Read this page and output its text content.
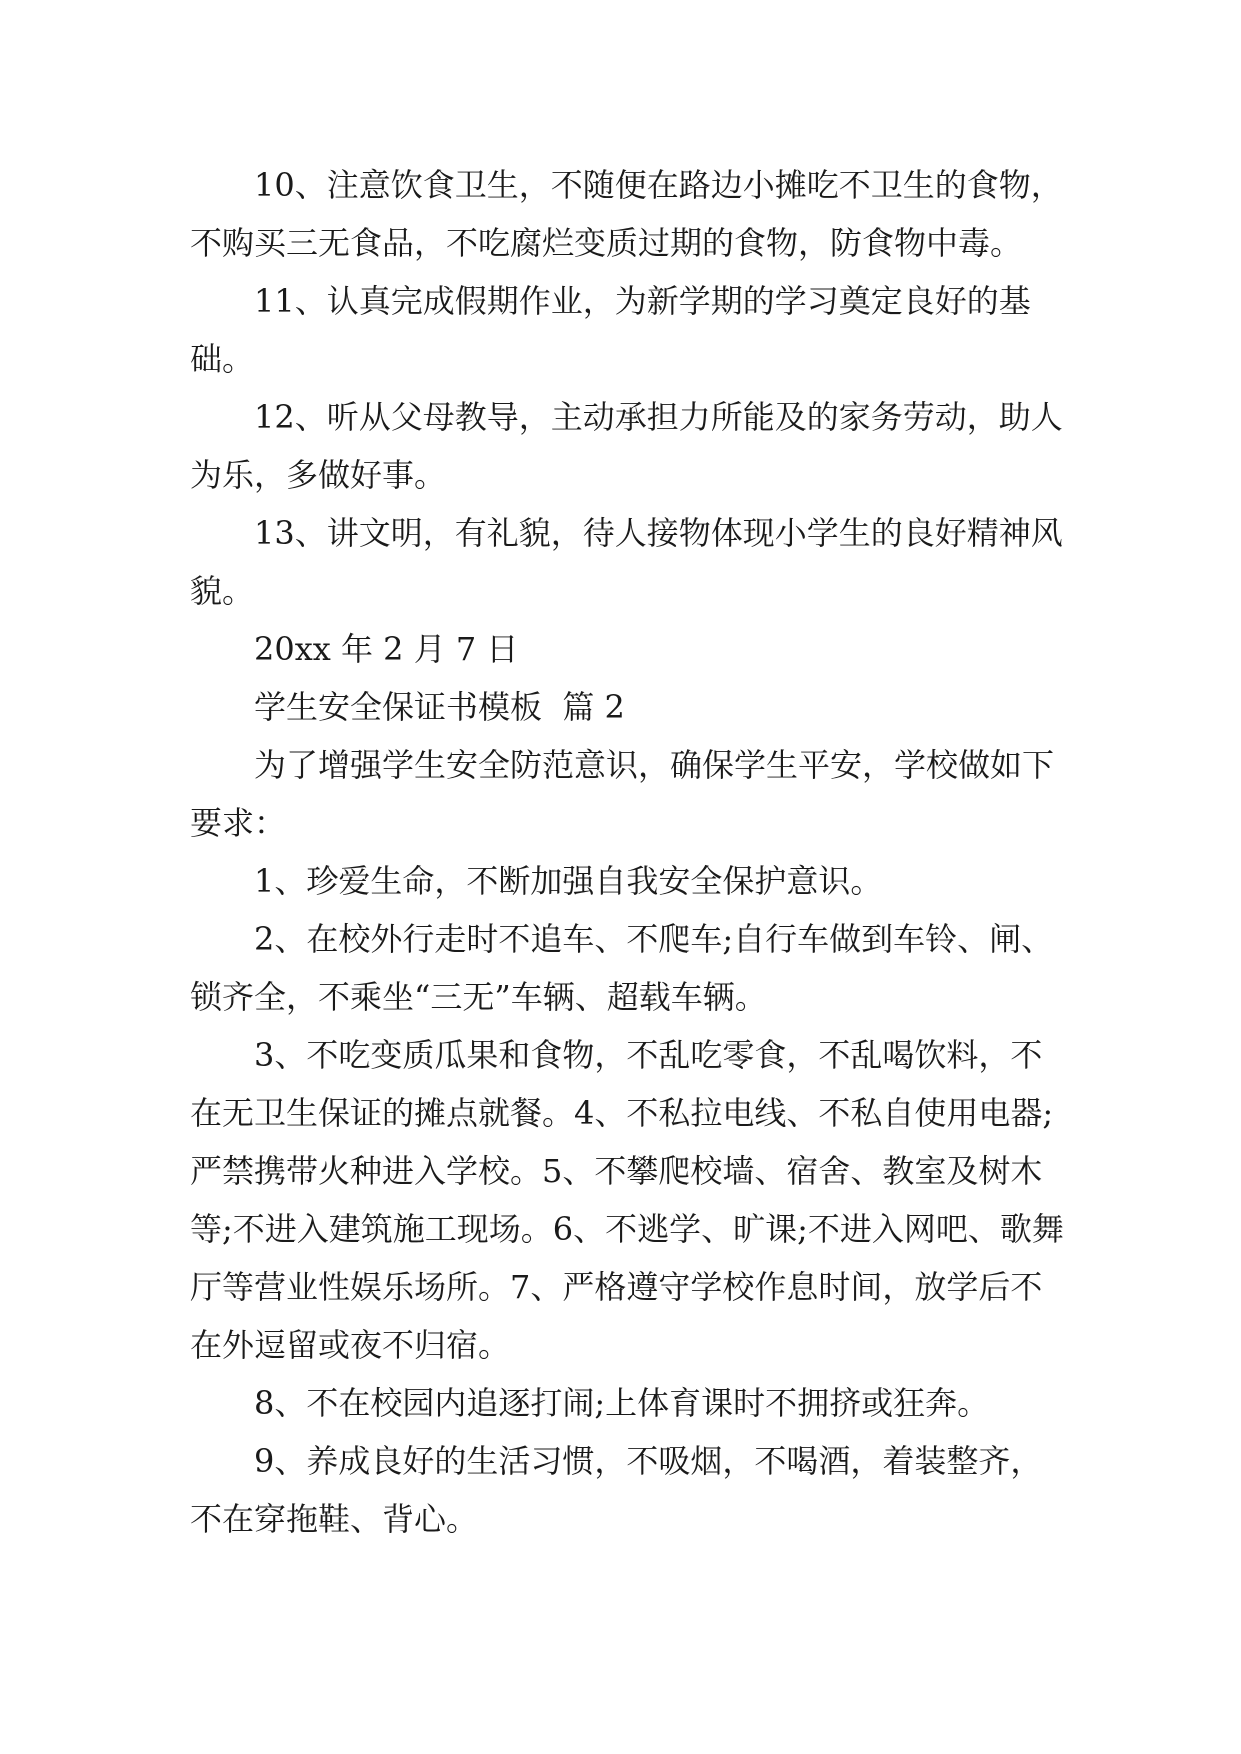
10、注意饮食卫生，不随便在路边小摊吃不卫生的食物，不购买三无食品，不吃腐烂变质过期的食物，防食物中毒。

11、认真完成假期作业，为新学期的学习奠定良好的基础。

12、听从父母教导，主动承担力所能及的家务劳动，助人为乐，多做好事。

13、讲文明，有礼貌，待人接物体现小学生的良好精神风貌。

20xx 年 2 月 7 日

学生安全保证书模板  篇 2

为了增强学生安全防范意识，确保学生平安，学校做如下要求：

1、珍爱生命，不断加强自我安全保护意识。

2、在校外行走时不追车、不爬车;自行车做到车铃、闸、锁齐全，不乘坐“三无”车辆、超载车辆。

3、不吃变质瓜果和食物，不乱吃零食，不乱喝饮料，不在无卫生保证的摊点就餐。4、不私拉电线、不私自使用电器;严禁携带火种进入学校。5、不攀爬校墙、宿舍、教室及树木等;不进入建筑施工现场。6、不逃学、旷课;不进入网吧、歌舞厅等营业性娱乐场所。7、严格遵守学校作息时间，放学后不在外逗留或夜不归宿。

8、不在校园内追逐打闹;上体育课时不拥挤或狂奔。

9、养成良好的生活习惯，不吸烟，不喝酒，着装整齐，不在穿拖鞋、背心。
